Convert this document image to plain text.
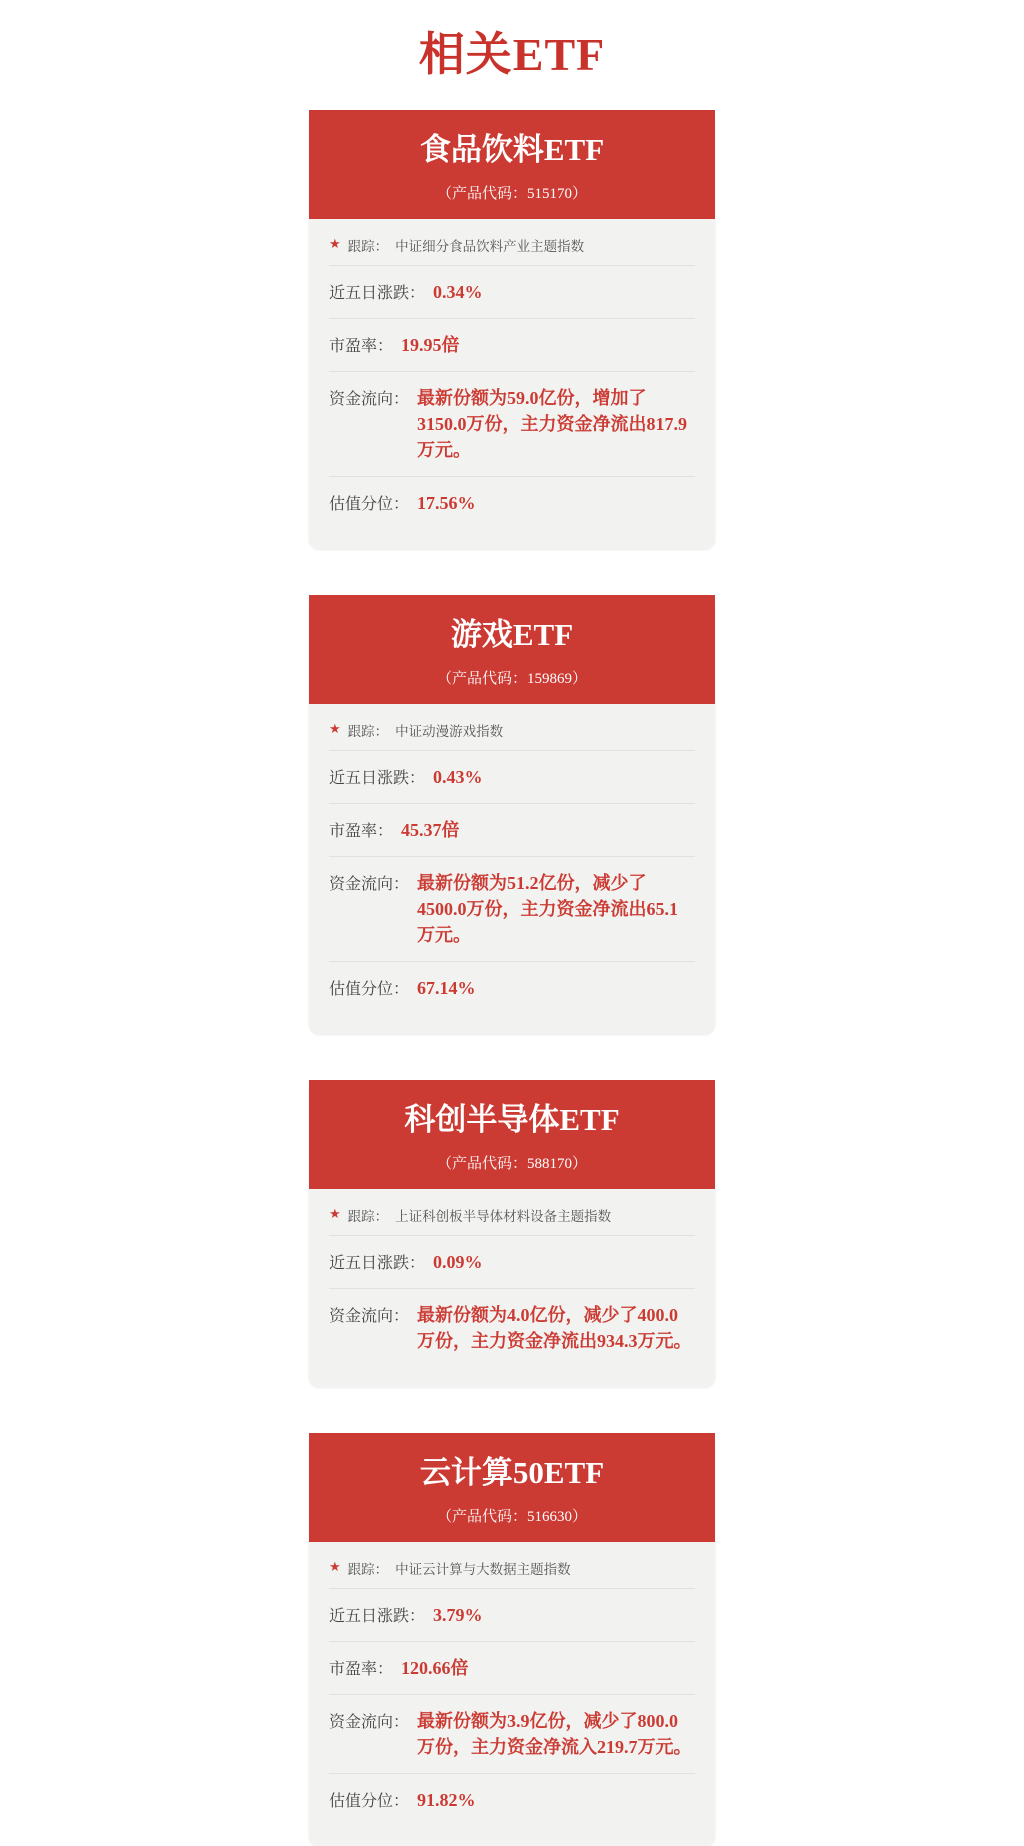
相关ETF
食品饮料ETF
（产品代码：515170）
★ 跟踪： 中证细分食品饮料产业主题指数
近五日涨跌： 0.34%
市盈率： 19.95倍
资金流向： 最新份额为59.0亿份，增加了3150.0万份，主力资金净流出817.9万元。
估值分位： 17.56%
游戏ETF
（产品代码：159869）
★ 跟踪： 中证动漫游戏指数
近五日涨跌： 0.43%
市盈率： 45.37倍
资金流向： 最新份额为51.2亿份，减少了4500.0万份，主力资金净流出65.1万元。
估值分位： 67.14%
科创半导体ETF
（产品代码：588170）
★ 跟踪： 上证科创板半导体材料设备主题指数
近五日涨跌： 0.09%
资金流向： 最新份额为4.0亿份，减少了400.0万份，主力资金净流出934.3万元。
云计算50ETF
（产品代码：516630）
★ 跟踪： 中证云计算与大数据主题指数
近五日涨跌： 3.79%
市盈率： 120.66倍
资金流向： 最新份额为3.9亿份，减少了800.0万份，主力资金净流入219.7万元。
估值分位： 91.82%
